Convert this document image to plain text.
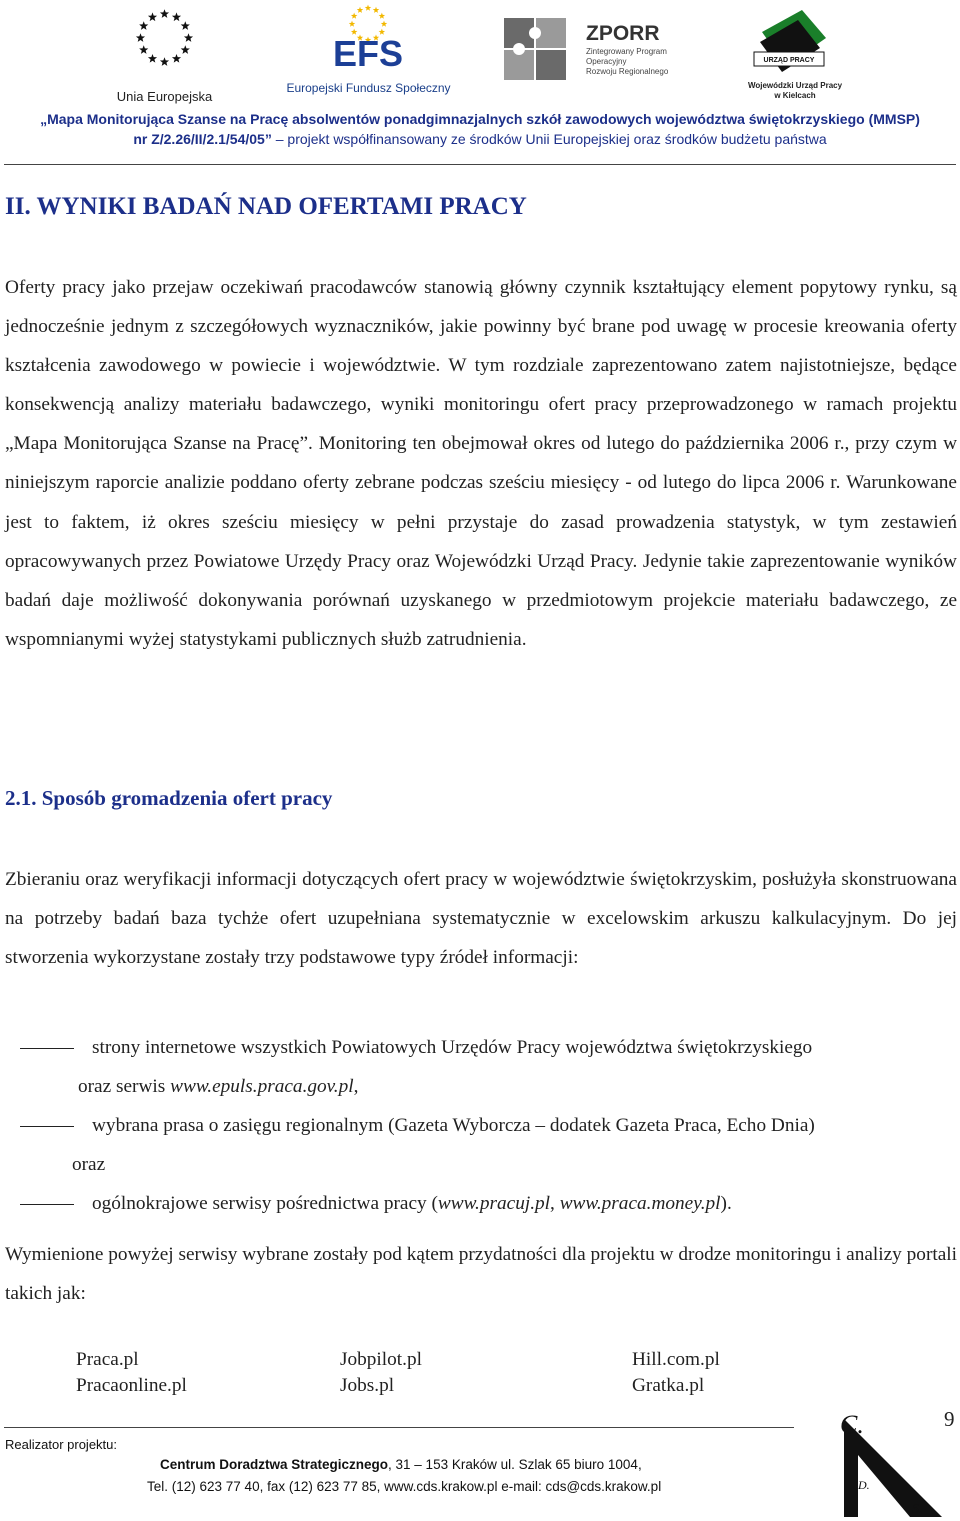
Unia Europejska
EFS
Europejski Fundusz Społeczny
ZPORR
Zintegrowany Program
Operacyjny
Rozwoju Regionalnego
URZĄD PRACY
Wojewódzki Urząd Pracy
w Kielcach
„Mapa Monitorująca Szanse na Pracę absolwentów ponadgimnazjalnych szkół zawodowych województwa świętokrzyskiego (MMSP)
nr Z/2.26/II/2.1/54/05” – projekt współfinansowany ze środków Unii Europejskiej oraz środków budżetu państwa
II. WYNIKI BADAŃ NAD OFERTAMI PRACY
Oferty pracy jako przejaw oczekiwań pracodawców stanowią główny czynnik kształtujący element popytowy rynku, są jednocześnie jednym z szczegółowych wyznaczników, jakie powinny być brane pod uwagę w procesie kreowania oferty kształcenia zawodowego w powiecie i województwie. W tym rozdziale zaprezentowano zatem najistotniejsze, będące konsekwencją analizy materiału badawczego, wyniki monitoringu ofert pracy przeprowadzonego w ramach projektu „Mapa Monitorująca Szanse na Pracę”. Monitoring ten obejmował okres od lutego do października 2006 r., przy czym w niniejszym raporcie analizie poddano oferty zebrane podczas sześciu miesięcy - od lutego do lipca 2006 r. Warunkowane jest to faktem, iż okres sześciu miesięcy w pełni przystaje do zasad prowadzenia statystyk, w tym zestawień opracowywanych przez Powiatowe Urzędy Pracy oraz Wojewódzki Urząd Pracy. Jedynie takie zaprezentowanie wyników badań daje możliwość dokonywania porównań uzyskanego w przedmiotowym projekcie materiału badawczego, ze wspomnianymi wyżej statystykami publicznych służb zatrudnienia.
2.1. Sposób gromadzenia ofert pracy
Zbieraniu oraz weryfikacji informacji dotyczących ofert pracy w województwie świętokrzyskim, posłużyła skonstruowana na potrzeby badań baza tychże ofert uzupełniana systematycznie w excelowskim arkuszu kalkulacyjnym. Do jej stworzenia wykorzystane zostały trzy podstawowe typy źródeł informacji:
strony internetowe wszystkich Powiatowych Urzędów Pracy województwa świętokrzyskiego
oraz serwis www.epuls.praca.gov.pl,
wybrana prasa o zasięgu regionalnym (Gazeta Wyborcza – dodatek Gazeta Praca, Echo Dnia)
oraz
ogólnokrajowe serwisy pośrednictwa pracy (www.pracuj.pl, www.praca.money.pl).
Wymienione powyżej serwisy wybrane zostały pod kątem przydatności dla projektu w drodze monitoringu i analizy portali takich jak:
Praca.pl	Jobpilot.pl	Hill.com.pl
Pracaonline.pl	Jobs.pl	Gratka.pl
Realizator projektu:
Centrum Doradztwa Strategicznego, 31 – 153 Kraków ul. Szlak 65 biuro 1004,
Tel. (12) 623 77 40, fax (12) 623 77 85, www.cds.krakow.pl e-mail: cds@cds.krakow.pl
C.
D.
S.
9
